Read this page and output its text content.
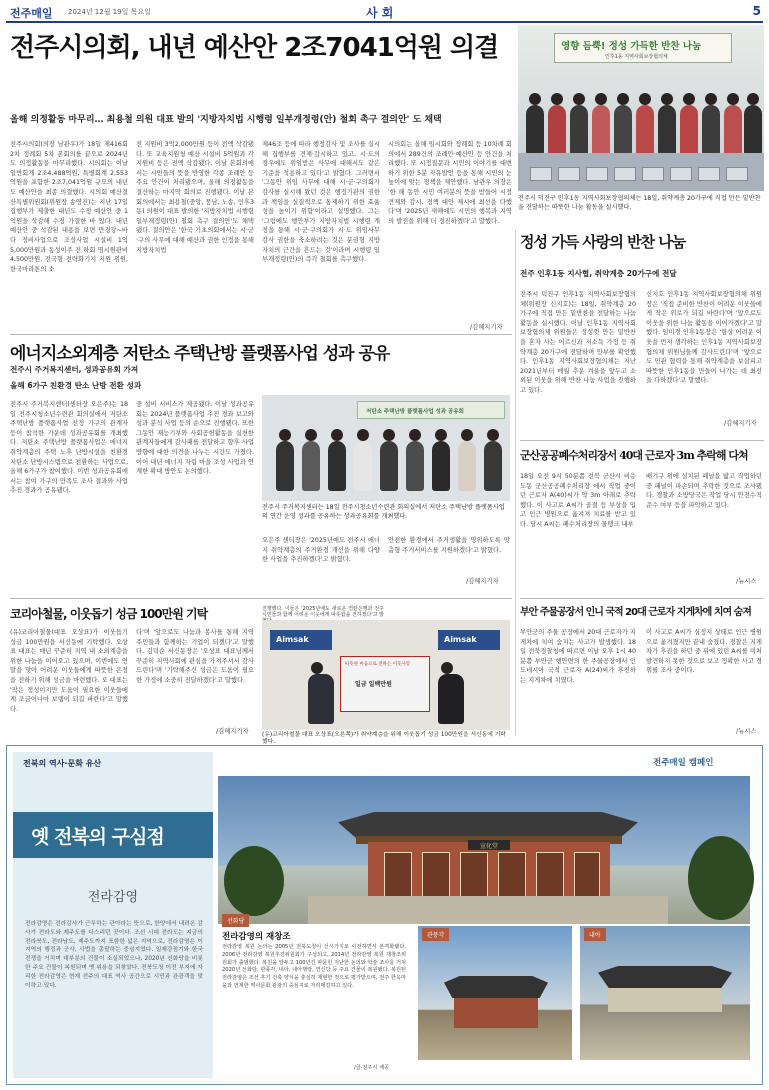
전주매일 2024년 12월 19일 목요일	사 회	5
전주시의회, 내년 예산안 2조7041억원 의결
올해 의정활동 마무리… 최용철 의원 대표 발의 '지방자치법 시행령 일부개정령(안) 철회 촉구 결의안' 도 채택
전주시의회(의장 남관우)가 18일 제416회 2차 정례회 5차 본회의를 끝으로 2024년도 의정활동을 마무리했다. 시의회는 이날 일반회계 2조4,488억원, 특별회계 2,553억원을 포함한 2조7,041억원 규모의 내년도 예산안을 최종 의결했다. 시의회 예산결산특별위원회(위원장 송영진)는 지난 17일 집행부가 제출한 내년도 수정 예산안 중 1억원을 삭감해 수정 가결한 바 있다. 내년 예산안 중 삭감된 내용을 보면 만경강~바다 정비사업으로 조성사업 시설비 1억5,000만원과 동성이주 전 하회 명시원관비 4,500만원, 전국형 전략화기지 지원 위원, 한국마라톤의 소
전 지원비 3억2,000만원 등이 전액 삭감됐다. 또 교육지원청 예산 시설비 5억원과 각 지원비 등은 전액 삭감됐다. 이날 본회의에서는 시민들의 뜻을 반영한 각종 조례안 등 주요 안건이 처리됐으며, 올해 의정활동을 결산하는 마지막 회의로 진행됐다. 이날 본회의에서는 최용철(중앙, 풍남, 노송, 인후3동) 의원이 대표 발의한 '지방자치법 시행령 일부개정령(안) 철회 촉구 결의안'도 채택됐다. 결의안은 '한국 기초의회에서는 시·군·구의 사무에 대해 예산과 권한 인정을 통해 지방자치법
제46조 등에 따라 행정감사 및 조사를 실시해 집행부를 견제·감시하고 있고, 시·도의 경우에도 위임받은 사무에 대해서도 같은 기준을 적용하고 있다'고 밝혔다. 그러면서 '그동안 위임 사무에 대해 시·군·구의회가 감사를 실시해 왔던 것은 행정기관의 권한과 책임을 실질적으로 통제하기 위한 효율성을 높이기 위함'이라고 설명했다. 그는 '그럼에도 행안부가 지방자치법 시행령 개정을 통해 시·군·구의회가 시·도 위임사무 감사 권한을 축소하려는 것은 분권형 지방자치의 근간을 흔드는 것'이라며 시행령 일부개정령(안)의 즉각 철회를 촉구했다.
시의회는 올해 임시회와 정례회 등 10차례 회의에서 289건의 조례안·예산안 등 안건을 처리했다. 또 시정질문과 시민의 이야기를 대변하기 위한 5분 자유발언 등을 통해 시민의 눈높이에 맞는 정책을 제안했다. 남관우 의장은 '한 해 동안 시민 여러분의 뜻을 받들어 시정 견제와 감시, 정책 대안 제시에 최선을 다했다'며 '2025년 새해에도 시민의 행복과 지역의 발전을 위해 더 정진하겠다'고 말했다.
/김혜지기자
영향 듬뿍! 정성 가득한 반찬 나눔
인후1동 지역사회보장협의체
전주시 덕진구 인후1동 지역사회보장협의체는 18일, 취약계층 20가구에 직접 만든 밑반찬을 전달하는 따뜻한 나눔 활동을 실시했다.
정성 가득 사랑의 반찬 나눔
전주 인후1동 지사협, 취약계층 20가구에 전달
전주시 덕진구 인후1동 지역사회보장협의체(위원장 신지호)는 18일, 취약계층 20가구에 직접 만든 밑반찬을 전달하는 나눔 활동을 실시했다. 이날 인후1동 지역사회보장협의체 위원들은 정성껏 만든 밑반찬을 혼자 사는 어르신과 저소득 가정 등 취약계층 20가구에 전달하며 안부를 확인했다. 인후1동 지역사회보장협의체는 지난 2021년부터 매월 추운 겨울을 앞두고 소외된 이웃을 위해 반찬 나눔 사업을 진행하고 있다.
신지호 인후1동 지역사회보장협의체 위원장은 '직접 준비한 반찬이 어려운 이웃들에게 작은 위로가 되길 바란다'며 '앞으로도 이웃을 위한 나눔 활동을 이어가겠다'고 말했다. 임미경 인후1동장은 '항상 어려운 이웃을 먼저 생각하는 인후1동 지역사회보장협의체 위원님들께 감사드린다'며 '앞으로도 민관 협력을 통해 취약계층을 보살피고 따뜻한 인후1동을 만들어 나가는 데 최선을 다하겠다'고 말했다.
/김혜지기자
에너지소외계층 저탄소 주택난방 플랫폼사업 성과 공유
전주시 주거복지센터, 성과공유회 가져
올해 6가구 친환경 탄소 난방 전환 성과
전주시 주거복지센터(센터장 오은주)는 18일 전주시청소년수련관 회의실에서 저탄소 주택난방 플랫폼사업 선정 가구의 관계자 등이 참석한 가운데 성과공유회를 개최했다. 저탄소 주택난방 플랫폼사업은 에너지 취약계층의 주택 노후 난방시설을 친환경 저탄소 난방시스템으로 전환하는 사업으로, 올해 6가구가 참여했다. 이번 성과공유회에서는 참여 가구의 만족도 조사 결과와 사업 추진 경과가 공유됐다.
중 설비 서비스가 제공됐다. 이날 성과공유회는 2024년 플랫폼사업 추진 경과 보고와 성과 분석 사업 등의 순으로 진행됐다. 또한 그동안 재능기부와 사회공헌활동을 실천한 관계자들에게 감사패를 전달하고 향후 사업 방향에 대한 의견을 나누는 시간도 가졌다. 이어 내년 에너지 자립 마을 조성 사업과 연계한 확대 방안도 논의했다.
저탄소 주택난방 플랫폼사업 성과 공유회
전주시 주거복지센터는 18일 전주시청소년수련관 회의실에서 저탄소 주택난방 플랫폼사업의 연간 운영 성과를 공유하는 성과공유회를 개최했다.
오은주 센터장은 '2025년에도 전주시 에너지 취약계층의 주거환경 개선을 위해 다양한 사업을 추진하겠다'고 밝혔다.
안전한 환경에서 주거생활을 영위하도록 맞춤형 주거서비스를 지원하겠다'고 밝혔다.
/김혜지기자
군산공공폐수처리장서 40대 근로자 3m 추락해 다쳐
18일 오전 9시 50분쯤 전북 군산시 비응도동 군산공공폐수처리장 에서 작업 중이던 근로자 A(40)씨가 약 3m 아래로 추락했다. 이 사고로 A씨가 골절 등 부상을 입고 인근 병원으로 옮겨져 치료를 받고 있다. 당시 A씨는 폐수처리장의 물탱크 내부
배기구 위에 설치된 패널을 밟고 작업하던 중 패널이 파손되며 추락한 것으로 조사됐다. 경찰과 소방당국은 작업 당시 안전수칙 준수 여부 등을 파악하고 있다.
/뉴시스
코리아철물, 이웃돕기 성금 100만원 기탁
(유)코리아철물(대표 오상표)가 이웃돕기 성금 100만원을 서신동에 기탁했다. 오상표 대표는 매년 꾸준히 지역 내 소외계층을 위한 나눔을 이어오고 있으며, 이번에도 연말을 맞아 어려운 이웃들에게 따뜻한 온정을 전하기 위해 성금을 마련했다. 오 대표는 '작은 정성이지만 도움이 필요한 이웃들에게 조금이나마 보탬이 되길 바란다'고 말했다.
다'며 '앞으로도 나눔과 봉사를 통해 지역 주민들과 함께하는 기업이 되겠다'고 말했다. 김덕순 서신동장은 '오상표 대표님께서 꾸준히 지역사회에 관심을 가져주셔서 감사드린다'며 '기탁해주신 성금은 도움이 필요한 가정에 소중히 전달하겠다'고 말했다.
/김혜지기자
진행했다. 이들은 '2025년에도 새로운 연탄은행과 전주시민들과 함께 어려운 이웃에게 따뜻함을 전하겠다'고 밝
Aimsak	Aimsak
따뜻한 마음으로 전하는 이웃사랑
일금 일백만원
(유)코리아철물 대표 오상표(오른쪽)가 취약계층을 위해 이웃돕기 성금 100만원을 서신동에 기탁했다.
부안 주물공장서 인니 국적 20대 근로자 지게차에 치여 숨져
부안군의 주물 공장에서 20대 근로자가 지게차에 치여 숨지는 사고가 발생했다. 18일 전북경찰청에 따르면 이날 오후 1시 40분쯤 부안군 행안면의 한 주물공장에서 인도네시아 국적 근로자 A(24)씨가 후진하는 지게차에 치였다.
이 사고로 A씨가 심정지 상태로 인근 병원으로 옮겨졌지만 끝내 숨졌다. 경찰은 지게차가 후진을 하던 중 뒤에 있던 A씨를 미처 발견하지 못한 것으로 보고 정확한 사고 경위를 조사 중이다.
/뉴시스
전북의 역사·문화 유산
옛 전북의 구심점
전라감영
전라감영은 전라감사가 근무하는 관아라는 뜻으로, 한양에서 내려온 감사가 전라도와 제주도를 다스리던 곳이다. 조선 시대 전라도는 지금의 전라북도, 전라남도, 제주도까지 포함한 넓은 지역으로, 전라감영은 이 지역의 행정과 군사, 사법을 총괄하는 중심지였다. 일제강점기와 한국전쟁을 거치며 대부분의 건물이 소실되었으나, 2020년 선화당을 비롯한 주요 건물이 복원되며 옛 위용을 되찾았다. 전북도청 이전 부지에 자리한 전라감영은 현재 전주의 대표 역사 공간으로 시민과 관광객을 맞이하고 있다.
전주매일 캠페인
宣化堂
선화당
전라감영의 재창조
전라감영 복원 논의는 2005년 전북도청이 신시가지로 이전하면서 본격화됐다. 2006년 전라감영 복원추진위원회가 구성되고, 2014년 전라감영 복원 재창조위원회가 출범했다. 복원을 앞두고 100년간 파묻힌 지난한 논의와 학술 조사를 거쳐 2020년 선화당, 관풍각, 내아, 내아행랑, 연신당 등 주요 건물이 복원됐다. 복원된 전라감영은 조선 후기 건축 양식을 충실히 재현한 것으로 평가받으며, 전주 한옥마을과 연계한 역사문화 관광의 중심지로 자리매김하고 있다.
/글·전주시 제공
관풍각	내아
